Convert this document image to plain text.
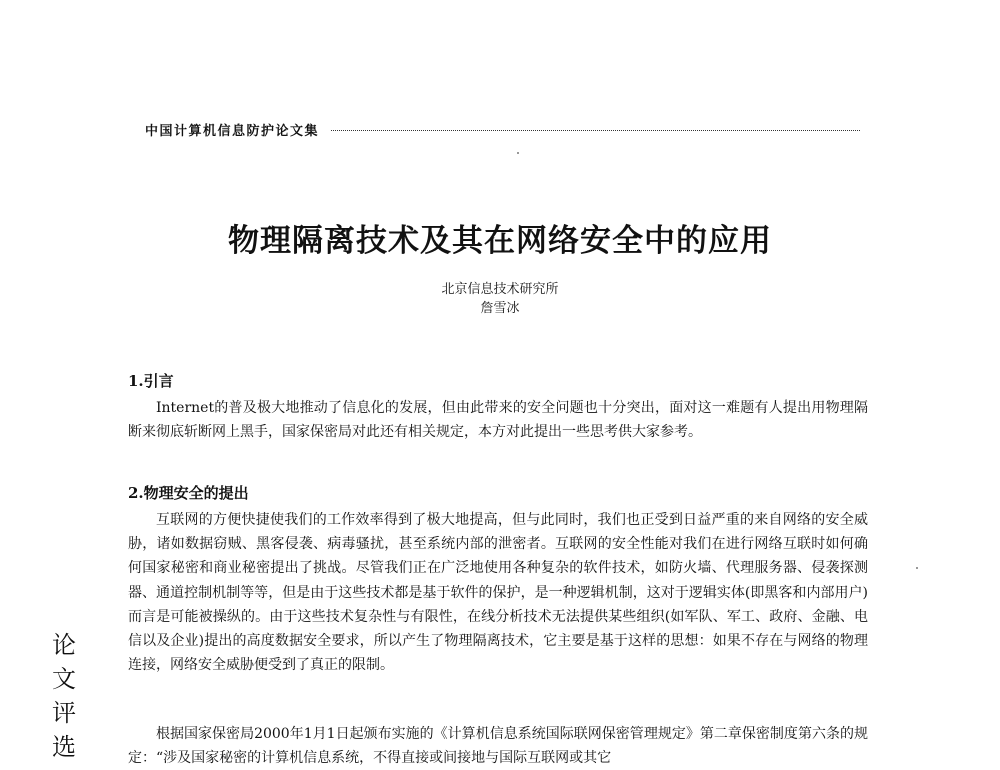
中国计算机信息防护论文集
物理隔离技术及其在网络安全中的应用
北京信息技术研究所
詹雪冰
1.引言

Internet的普及极大地推动了信息化的发展，但由此带来的安全问题也十分突出，面对这一难题有人提出用物理隔断来彻底斩断网上黑手，国家保密局对此还有相关规定，本方对此提出一些思考供大家参考。

2.物理安全的提出

互联网的方便快捷使我们的工作效率得到了极大地提高，但与此同时，我们也正受到日益严重的来自网络的安全威胁，诸如数据窃贼、黑客侵袭、病毒骚扰，甚至系统内部的泄密者。互联网的安全性能对我们在进行网络互联时如何确何国家秘密和商业秘密提出了挑战。尽管我们正在广泛地使用各种复杂的软件技术，如防火墙、代理服务器、侵袭探测器、通道控制机制等等，但是由于这些技术都是基于软件的保护，是一种逻辑机制，这对于逻辑实体(即黑客和内部用户)而言是可能被操纵的。由于这些技术复杂性与有限性，在线分析技术无法提供某些组织(如军队、军工、政府、金融、电信以及企业)提出的高度数据安全要求，所以产生了物理隔离技术，它主要是基于这样的思想：如果不存在与网络的物理连接，网络安全威胁便受到了真正的限制。

根据国家保密局2000年1月1日起颁布实施的《计算机信息系统国际联网保密管理规定》第二章保密制度第六条的规定：“涉及国家秘密的计算机信息系统，不得直接或间接地与国际互联网或其它

论
文
评
选
